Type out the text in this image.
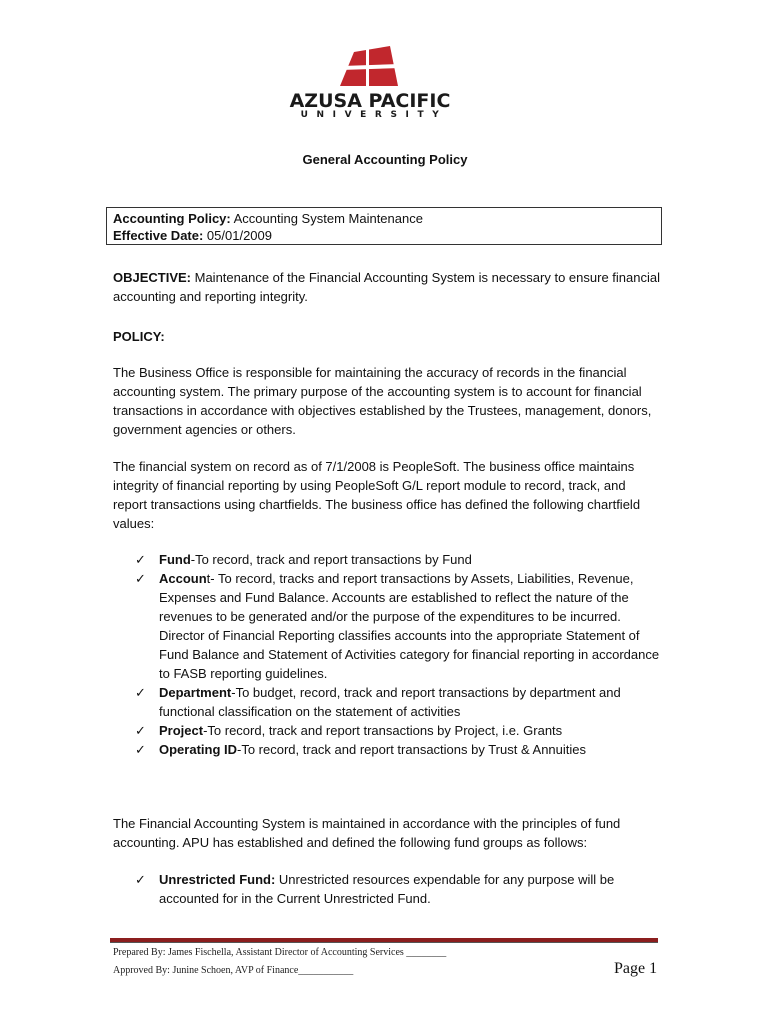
AZUSA PACIFIC
UNIVERSITY
General Accounting Policy
Accounting Policy: Accounting System Maintenance
Effective Date: 05/01/2009

OBJECTIVE: Maintenance of the Financial Accounting System is necessary to ensure financial accounting and reporting integrity.

POLICY:

The Business Office is responsible for maintaining the accuracy of records in the financial accounting system. The primary purpose of the accounting system is to account for financial transactions in accordance with objectives established by the Trustees, management, donors, government agencies or others.

The financial system on record as of 7/1/2008 is PeopleSoft. The business office maintains integrity of financial reporting by using PeopleSoft G/L report module to record, track, and report transactions using chartfields. The business office has defined the following chartfield values:

✓	Fund-To record, track and report transactions by Fund
✓	Account- To record, tracks and report transactions by Assets, Liabilities, Revenue, Expenses and Fund Balance. Accounts are established to reflect the nature of the revenues to be generated and/or the purpose of the expenditures to be incurred. Director of Financial Reporting classifies accounts into the appropriate Statement of Fund Balance and Statement of Activities category for financial reporting in accordance to FASB reporting guidelines.
✓	Department-To budget, record, track and report transactions by department and functional classification on the statement of activities
✓	Project-To record, track and report transactions by Project, i.e. Grants
✓	Operating ID-To record, track and report transactions by Trust & Annuities

The Financial Accounting System is maintained in accordance with the principles of fund accounting. APU has established and defined the following fund groups as follows:

✓	Unrestricted Fund: Unrestricted resources expendable for any purpose will be accounted for in the Current Unrestricted Fund.
Prepared By: James Fischella, Assistant Director of Accounting Services ________
Approved By: Junine Schoen, AVP of Finance___________	Page 1
